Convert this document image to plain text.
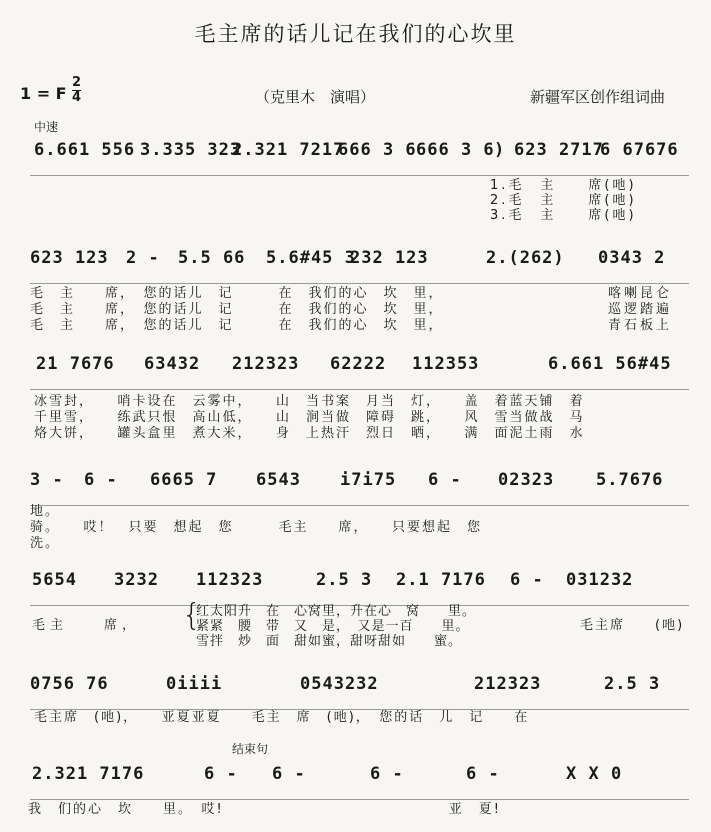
毛主席的话儿记在我们的心坎里
1 = F
2
4	（克里木　演唱）	新疆军区创作组词曲
中速
6.661 556 3.335 323
2.321 7217
666 3 6 666 3 6 ) 623 2717
6 67676
1.毛　主　　席(吔)
2.毛　主　　席(吔)
3.毛　主　　席(吔)
623 123 2 - 5.5 66 5.6#45 3
232 123	2.(262) 0343 2
毛　主　　席，　您的话儿　记　　　在　我们的心　坎　里，
毛　主　　席，　您的话儿　记　　　在　我们的心　坎　里，
毛　主　　席，　您的话儿　记　　　在　我们的心　坎　里，
喀喇昆仑
巡逻踏遍
青石板上
21 7676 63432 212323 62222 112353	6.661 56#45
冰雪封，　　哨卡设在　云雾中，　　山　当书案　月当　灯，　　盖　着蓝天铺　着
千里雪，　　练武只恨　高山低，　　山　涧当做　障碍　跳，　　风　雪当做战　马
烙大饼，　　罐头盒里　煮大米，　　身　上热汗　烈日　晒，　　满　面泥土雨　水
3 - 6 - 6665 7 6543 i7i75 6 - 02323 5.7676
地。
骑。　　哎！　只要　想起　您　　　毛主　　席，　　只要想起　您
洗。
5654 3232 112323	2.5 3 2.1 7176 6 - 031232
毛主　　席， {
红太阳升　在　心窝里，升在心　窝　　里。
紧紧　腰　带　又　是，　又是一百　　里。
雪拌　炒　面　甜如蜜，甜呀甜如　　蜜。
毛主席　　(吔)
0756 76	0iiii	0543232	212323	2.5 3
毛主席　(吔)，　　亚夏亚夏　　毛主　席　(吔)，　您的话　儿　记　　在
结束句
2.321 7176	6 - 6 -	6 -	6 -	X X 0
我　们的心　坎　　里。　哎!　　　　　　　　　　　　　　　亚　夏!
